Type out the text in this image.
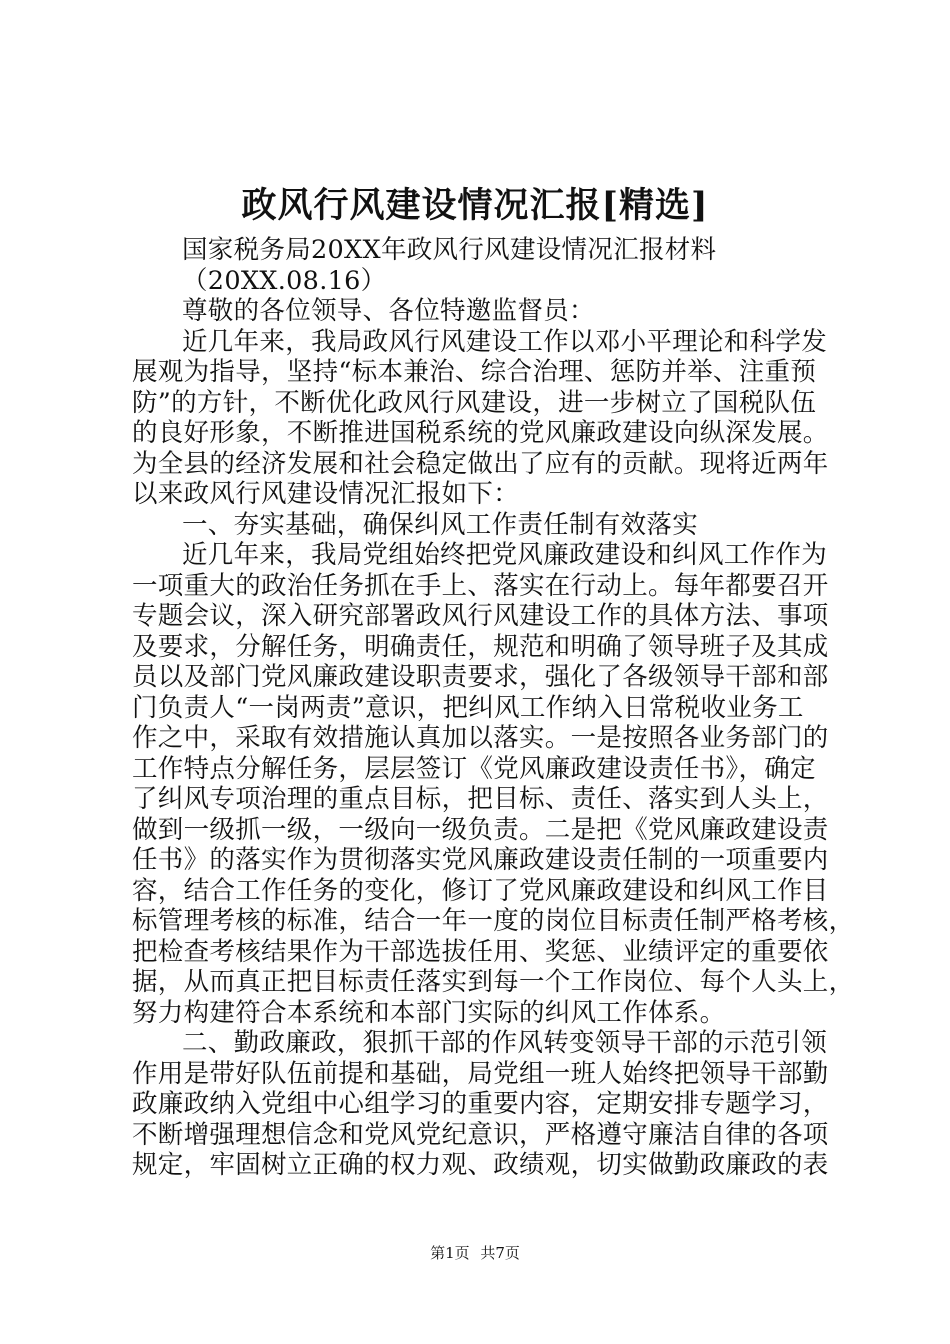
政风行风建设情况汇报[精选]
国家税务局20XX年政风行风建设情况汇报材料
（20XX.08.16）
尊敬的各位领导、各位特邀监督员：
近几年来，我局政风行风建设工作以邓小平理论和科学发
展观为指导，坚持“标本兼治、综合治理、惩防并举、注重预
防”的方针，不断优化政风行风建设，进一步树立了国税队伍
的良好形象，不断推进国税系统的党风廉政建设向纵深发展。
为全县的经济发展和社会稳定做出了应有的贡献。现将近两年
以来政风行风建设情况汇报如下：
一、夯实基础，确保纠风工作责任制有效落实
近几年来，我局党组始终把党风廉政建设和纠风工作作为
一项重大的政治任务抓在手上、落实在行动上。每年都要召开
专题会议，深入研究部署政风行风建设工作的具体方法、事项
及要求，分解任务，明确责任，规范和明确了领导班子及其成
员以及部门党风廉政建设职责要求，强化了各级领导干部和部
门负责人“一岗两责”意识，把纠风工作纳入日常税收业务工
作之中，采取有效措施认真加以落实。一是按照各业务部门的
工作特点分解任务，层层签订《党风廉政建设责任书》，确定
了纠风专项治理的重点目标，把目标、责任、落实到人头上，
做到一级抓一级，一级向一级负责。二是把《党风廉政建设责
任书》的落实作为贯彻落实党风廉政建设责任制的一项重要内
容，结合工作任务的变化，修订了党风廉政建设和纠风工作目
标管理考核的标准，结合一年一度的岗位目标责任制严格考核，
把检查考核结果作为干部选拔任用、奖惩、业绩评定的重要依
据，从而真正把目标责任落实到每一个工作岗位、每个人头上，
努力构建符合本系统和本部门实际的纠风工作体系。
二、勤政廉政，狠抓干部的作风转变领导干部的示范引领
作用是带好队伍前提和基础，局党组一班人始终把领导干部勤
政廉政纳入党组中心组学习的重要内容，定期安排专题学习，
不断增强理想信念和党风党纪意识，严格遵守廉洁自律的各项
规定，牢固树立正确的权力观、政绩观，切实做勤政廉政的表
第1页 共7页
